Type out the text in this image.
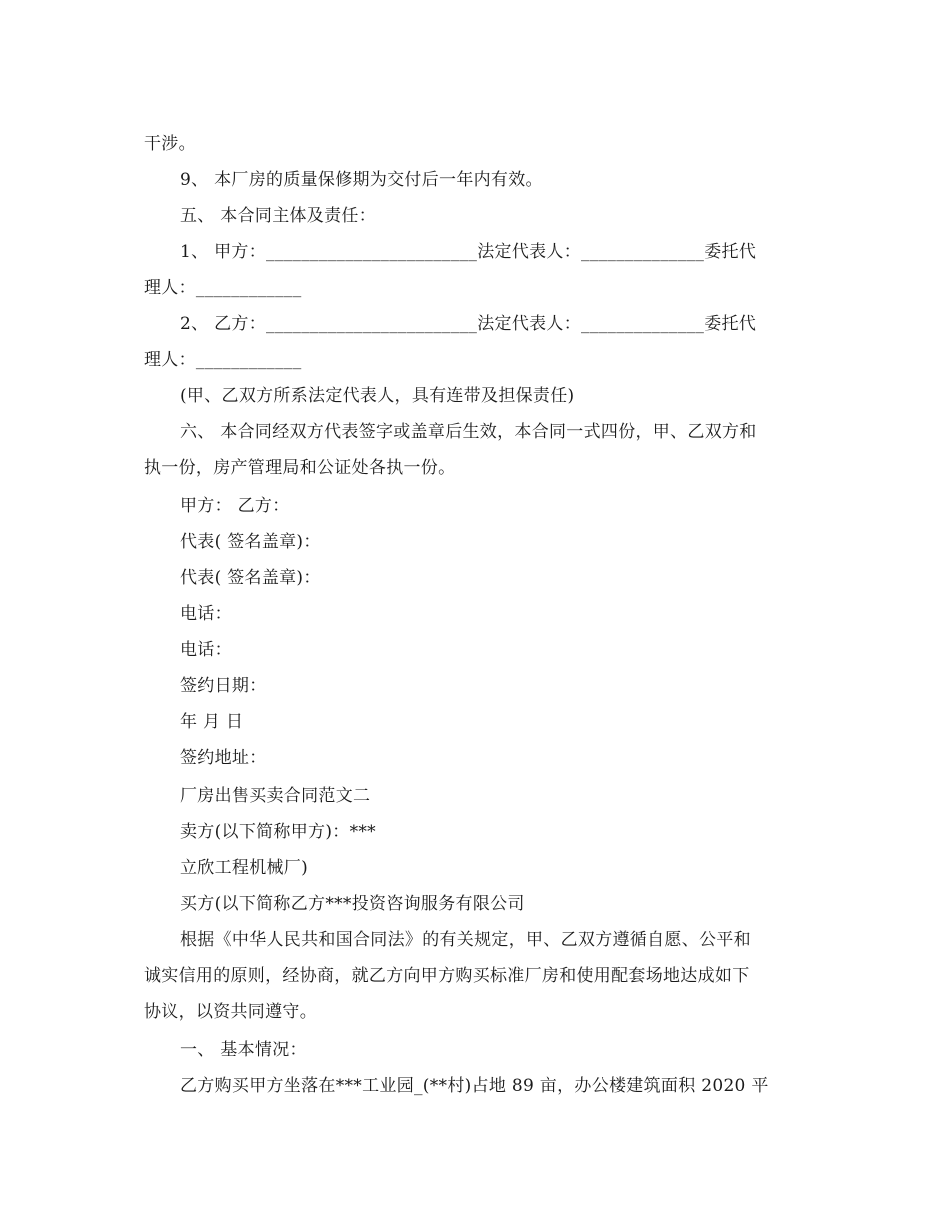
干涉。
9、 本厂房的质量保修期为交付后一年内有效。
五、 本合同主体及责任：
1、 甲方：________________________法定代表人：______________委托代
理人：____________
2、 乙方：________________________法定代表人：______________委托代
理人：____________
(甲、乙双方所系法定代表人，具有连带及担保责任)
六、 本合同经双方代表签字或盖章后生效，本合同一式四份，甲、乙双方和
执一份，房产管理局和公证处各执一份。
甲方： 乙方：
代表( 签名盖章)：
代表( 签名盖章)：
电话：
电话：
签约日期：
年 月 日
签约地址：
厂房出售买卖合同范文二
卖方(以下简称甲方)：***
立欣工程机械厂)
买方(以下简称乙方***投资咨询服务有限公司
根据《中华人民共和国合同法》的有关规定，甲、乙双方遵循自愿、公平和
诚实信用的原则，经协商，就乙方向甲方购买标准厂房和使用配套场地达成如下
协议，以资共同遵守。
一、 基本情况：
乙方购买甲方坐落在***工业园_(**村)占地 89 亩，办公楼建筑面积 2020 平
